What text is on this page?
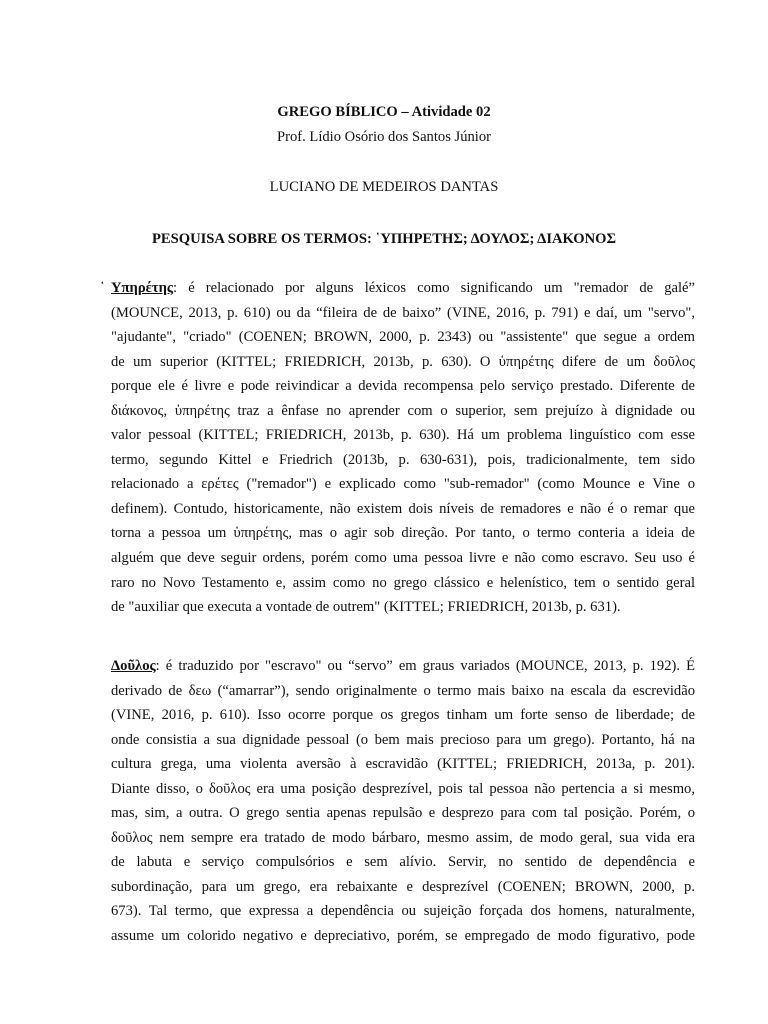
GREGO BÍBLICO – Atividade 02
Prof. Lídio Osório dos Santos Júnior
LUCIANO DE MEDEIROS DANTAS
PESQUISA SOBRE OS TERMOS: ῾ΥΠΗΡΕΤΗΣ; ΔΟΥΛΟΣ; ΔΙΑΚΟΝΟΣ
῾ Υπηρέτης: é relacionado por alguns léxicos como significando um "remador de galé”
(MOUNCE, 2013, p. 610) ou da “fileira de de baixo” (VINE, 2016, p. 791) e daí, um "servo",
"ajudante", "criado" (COENEN; BROWN, 2000, p. 2343) ou "assistente" que segue a ordem
de um superior (KITTEL; FRIEDRICH, 2013b, p. 630). O ὑπηρέτης difere de um δοῦλος
porque ele é livre e pode reivindicar a devida recompensa pelo serviço prestado. Diferente de
διάκονος, ὑπηρέτης traz a ênfase no aprender com o superior, sem prejuízo à dignidade ou
valor pessoal (KITTEL; FRIEDRICH, 2013b, p. 630). Há um problema linguístico com esse
termo, segundo Kittel e Friedrich (2013b, p. 630-631), pois, tradicionalmente, tem sido
relacionado a ερέτες ("remador") e explicado como "sub-remador" (como Mounce e Vine o
definem). Contudo, historicamente, não existem dois níveis de remadores e não é o remar que
torna a pessoa um ὑπηρέτης, mas o agir sob direção. Por tanto, o termo conteria a ideia de
alguém que deve seguir ordens, porém como uma pessoa livre e não como escravo. Seu uso é
raro no Novo Testamento e, assim como no grego clássico e helenístico, tem o sentido geral
de "auxiliar que executa a vontade de outrem" (KITTEL; FRIEDRICH, 2013b, p. 631).
Δοῦλος: é traduzido por "escravo" ou “servo” em graus variados (MOUNCE, 2013, p. 192). É
derivado de δεω (“amarrar”), sendo originalmente o termo mais baixo na escala da escrevidão
(VINE, 2016, p. 610). Isso ocorre porque os gregos tinham um forte senso de liberdade; de
onde consistia a sua dignidade pessoal (o bem mais precioso para um grego). Portanto, há na
cultura grega, uma violenta aversão à escravidão (KITTEL; FRIEDRICH, 2013a, p. 201).
Diante disso, o δοῦλος era uma posição desprezível, pois tal pessoa não pertencia a si mesmo,
mas, sim, a outra. O grego sentia apenas repulsão e desprezo para com tal posição. Porém, o
δοῦλος nem sempre era tratado de modo bárbaro, mesmo assim, de modo geral, sua vida era
de labuta e serviço compulsórios e sem alívio. Servir, no sentido de dependência e
subordinação, para um grego, era rebaixante e desprezível (COENEN; BROWN, 2000, p.
673). Tal termo, que expressa a dependência ou sujeição forçada dos homens, naturalmente,
assume um colorido negativo e depreciativo, porém, se empregado de modo figurativo, pode
